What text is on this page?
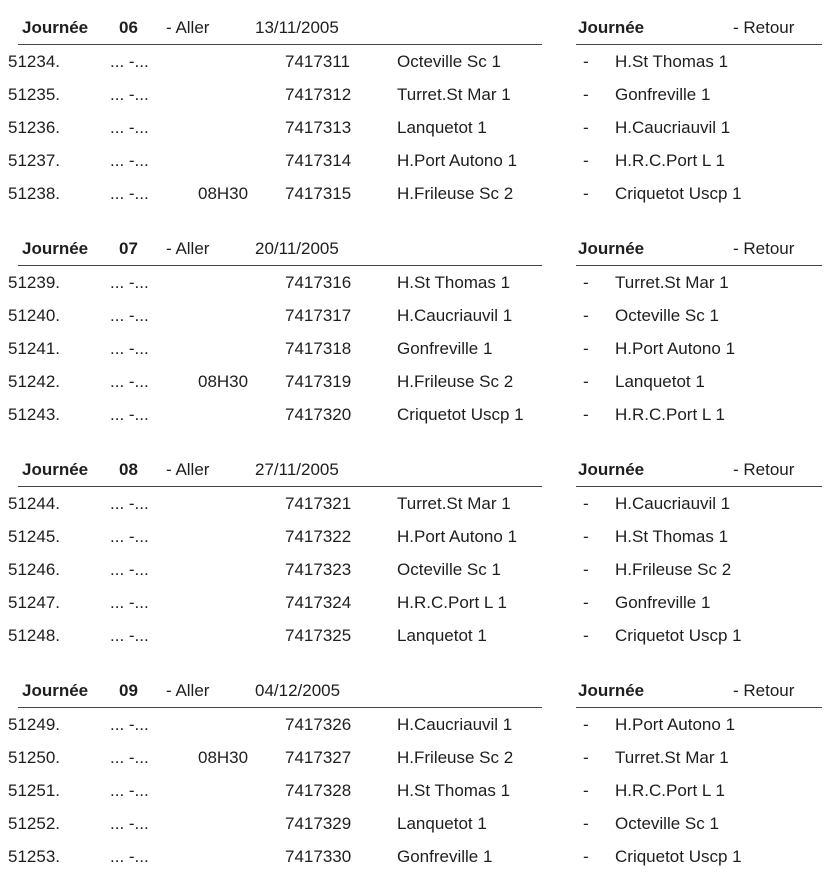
Journée 06 - Aller	13/11/2005	Journée	- Retour
51234.	... -...	7417311	Octeville Sc 1	- H.St Thomas 1
51235.	... -...	7417312	Turret.St Mar 1	- Gonfreville 1
51236.	... -...	7417313	Lanquetot 1	- H.Caucriauvil 1
51237.	... -...	7417314	H.Port Autono 1	- H.R.C.Port L 1
51238.	... -...	08H30 7417315	H.Frileuse Sc 2	- Criquetot Uscp 1
Journée 07 - Aller	20/11/2005	Journée	- Retour
51239.	... -...	7417316	H.St Thomas 1	- Turret.St Mar 1
51240.	... -...	7417317	H.Caucriauvil 1	- Octeville Sc 1
51241.	... -...	7417318	Gonfreville 1	- H.Port Autono 1
51242.	... -...	08H30 7417319	H.Frileuse Sc 2	- Lanquetot 1
51243.	... -...	7417320	Criquetot Uscp 1	- H.R.C.Port L 1
Journée 08 - Aller	27/11/2005	Journée	- Retour
51244.	... -...	7417321	Turret.St Mar 1	- H.Caucriauvil 1
51245.	... -...	7417322	H.Port Autono 1	- H.St Thomas 1
51246.	... -...	7417323	Octeville Sc 1	- H.Frileuse Sc 2
51247.	... -...	7417324	H.R.C.Port L 1	- Gonfreville 1
51248.	... -...	7417325	Lanquetot 1	- Criquetot Uscp 1
Journée 09 - Aller	04/12/2005	Journée	- Retour
51249.	... -...	7417326	H.Caucriauvil 1	- H.Port Autono 1
51250.	... -...	08H30 7417327	H.Frileuse Sc 2	- Turret.St Mar 1
51251.	... -...	7417328	H.St Thomas 1	- H.R.C.Port L 1
51252.	... -...	7417329	Lanquetot 1	- Octeville Sc 1
51253.	... -...	7417330	Gonfreville 1	- Criquetot Uscp 1
